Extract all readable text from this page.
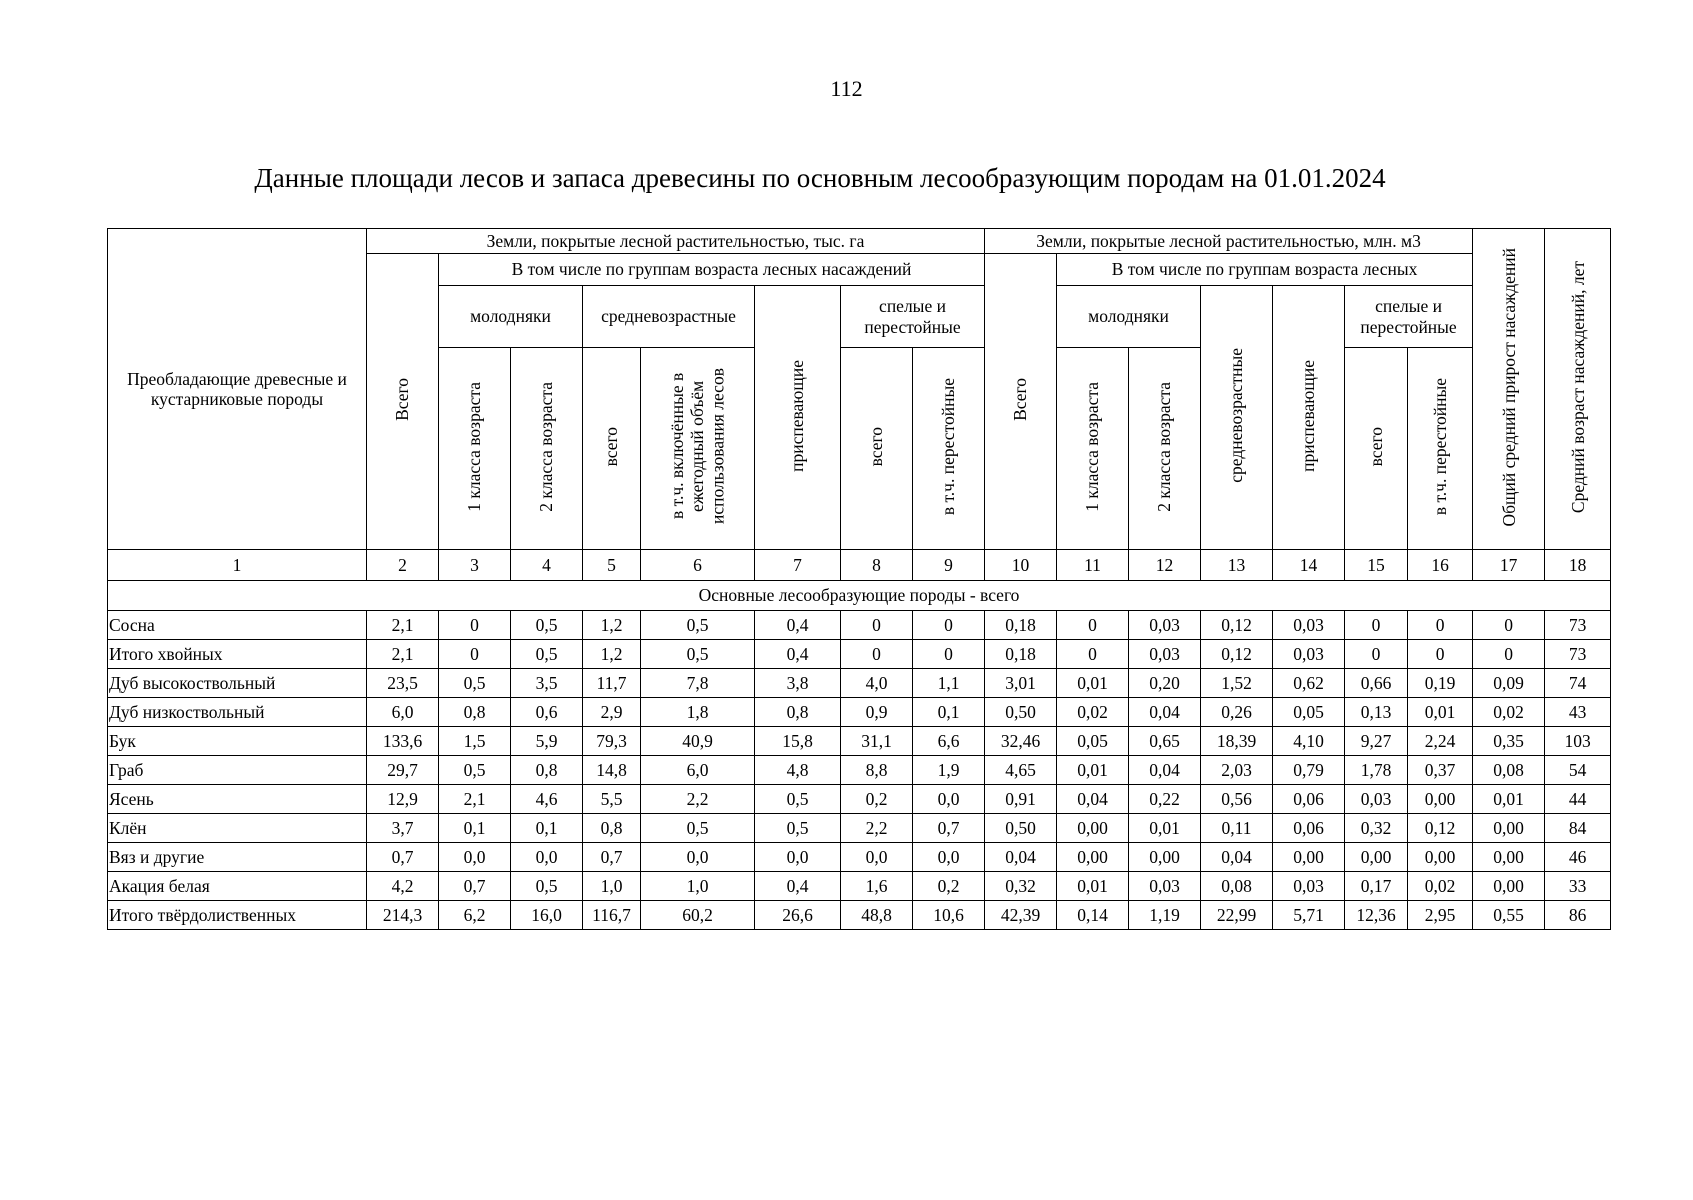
112
Данные площади лесов и запаса древесины по основным лесообразующим породам на 01.01.2024
Преобладающие древесные и кустарниковые породы	Земли, покрытые лесной растительностью, тыс. га								Земли, покрытые лесной растительностью, млн. м3							Общий средний прирост насаждений	Средний возраст насаждений, лет
	Всего	В том числе по группам возраста лесных насаждений							Всего	В том числе по группам возраста лесных							
		молодняки		средневозрастные		приспевающие	спелые и перестойные			молодняки		средневозрастные	приспевающие	спелые и перестойные			
		1 класса возраста	2 класса возраста	всего	в т.ч. включённые в ежегодный объём использования лесов		всего	в т.ч. перестойные		1 класса возраста	2 класса возраста			всего	в т.ч. перестойные		
1	2	3	4	5	6	7	8	9	10	11	12	13	14	15	16	17	18
Основные лесообразующие породы - всего																	
Сосна	2,1	0	0,5	1,2	0,5	0,4	0	0	0,18	0	0,03	0,12	0,03	0	0	0	73
Итого хвойных	2,1	0	0,5	1,2	0,5	0,4	0	0	0,18	0	0,03	0,12	0,03	0	0	0	73
Дуб высокоствольный	23,5	0,5	3,5	11,7	7,8	3,8	4,0	1,1	3,01	0,01	0,20	1,52	0,62	0,66	0,19	0,09	74
Дуб низкоствольный	6,0	0,8	0,6	2,9	1,8	0,8	0,9	0,1	0,50	0,02	0,04	0,26	0,05	0,13	0,01	0,02	43
Бук	133,6	1,5	5,9	79,3	40,9	15,8	31,1	6,6	32,46	0,05	0,65	18,39	4,10	9,27	2,24	0,35	103
Граб	29,7	0,5	0,8	14,8	6,0	4,8	8,8	1,9	4,65	0,01	0,04	2,03	0,79	1,78	0,37	0,08	54
Ясень	12,9	2,1	4,6	5,5	2,2	0,5	0,2	0,0	0,91	0,04	0,22	0,56	0,06	0,03	0,00	0,01	44
Клён	3,7	0,1	0,1	0,8	0,5	0,5	2,2	0,7	0,50	0,00	0,01	0,11	0,06	0,32	0,12	0,00	84
Вяз и другие	0,7	0,0	0,0	0,7	0,0	0,0	0,0	0,0	0,04	0,00	0,00	0,04	0,00	0,00	0,00	0,00	46
Акация белая	4,2	0,7	0,5	1,0	1,0	0,4	1,6	0,2	0,32	0,01	0,03	0,08	0,03	0,17	0,02	0,00	33
Итого твёрдолиственных	214,3	6,2	16,0	116,7	60,2	26,6	48,8	10,6	42,39	0,14	1,19	22,99	5,71	12,36	2,95	0,55	86
